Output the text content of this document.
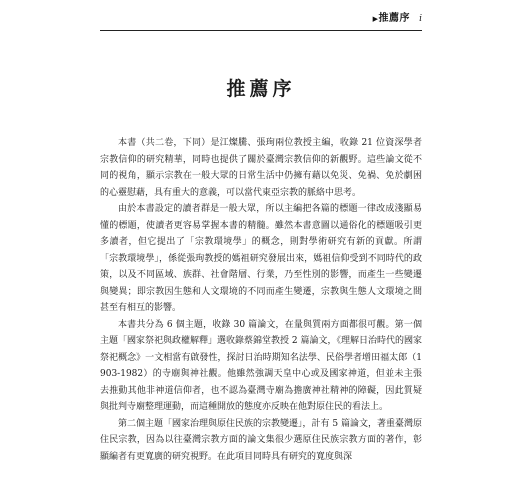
▶ 推薦序 i
推薦序

本書（共二卷，下同）是江燦騰、張珣兩位教授主編，收錄 21 位資深學者宗教信仰的研究精華，同時也提供了關於臺灣宗教信仰的新觀野。這些論文從不同的視角，顯示宗教在一般大眾的日常生活中仍擁有藉以免災、免禍、免於劇困的心靈慰藉，具有重大的意義，可以當代東亞宗教的脈絡中思考。

由於本書設定的讀者群是一般大眾，所以主編把各篇的標題一律改成淺顯易懂的標題，使讀者更容易掌握本書的精髓。雖然本書意圖以通俗化的標題吸引更多讀者，但它提出了「宗教環境學」的概念，則對學術研究有新的貢獻。所謂「宗教環境學」，係從張珣教授的媽祖研究發展出來，媽祖信仰受到不同時代的政策，以及不同區域、族群、社會階層、行業，乃至性別的影響，而產生一些變遷與變異；即宗教因生態和人文環境的不同而產生變遷，宗教與生態人文環境之間甚至有相互的影響。

本書共分為 6 個主題，收錄 30 篇論文，在量與質兩方面都很可觀。第一個主題「國家祭祀與政權解釋」選收錄蔡錦堂教授 2 篇論文，《理解日治時代的國家祭祀概念》一文相當有啟發性，探討日治時期知名法學、民俗學者增田福太郎（1903-1982）的寺廟與神社觀。他雖然強調天皇中心或及國家神道，但並未主張去推動其他非神道信仰者，也不認為臺灣寺廟為擔廣神社精神的障礙，因此質疑與批判寺廟整理運動，而這種開放的態度亦反映在他對原住民的看法上。

第二個主題「國家治理與原住民族的宗教變遷」，計有 5 篇論文，著重臺灣原住民宗教，因為以往臺灣宗教方面的論文集很少選原住民族宗教方面的著作，彰顯編者有更寬廣的研究視野。在此項目同時具有研究的寬度與深
